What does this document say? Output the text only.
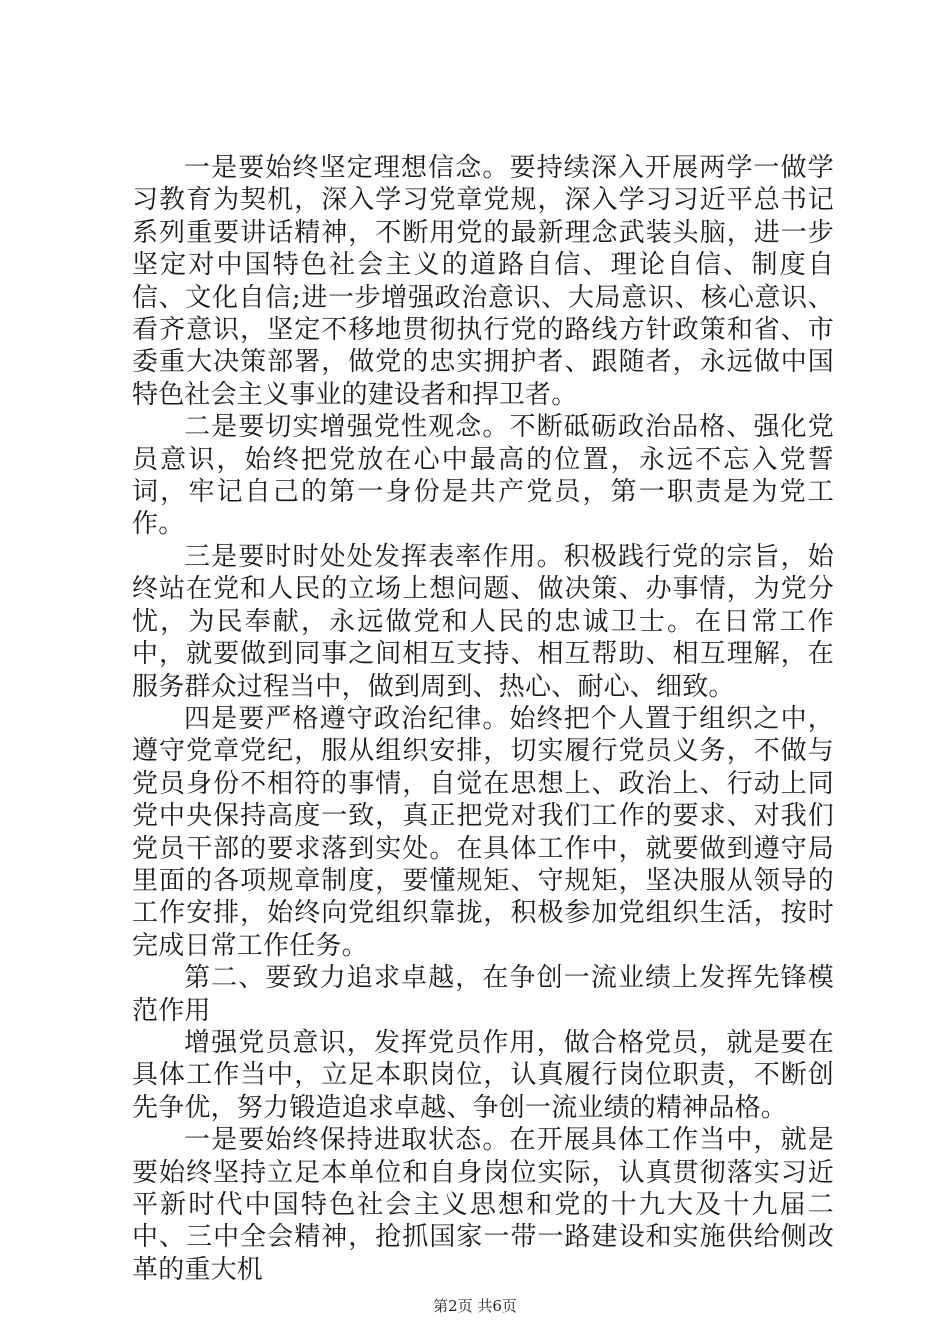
一是要始终坚定理想信念。要持续深入开展两学一做学习教育为契机，深入学习党章党规，深入学习习近平总书记系列重要讲话精神，不断用党的最新理念武装头脑，进一步坚定对中国特色社会主义的道路自信、理论自信、制度自信、文化自信;进一步增强政治意识、大局意识、核心意识、看齐意识，坚定不移地贯彻执行党的路线方针政策和省、市委重大决策部署，做党的忠实拥护者、跟随者，永远做中国特色社会主义事业的建设者和捍卫者。

二是要切实增强党性观念。不断砥砺政治品格、强化党员意识，始终把党放在心中最高的位置，永远不忘入党誓词，牢记自己的第一身份是共产党员，第一职责是为党工作。

三是要时时处处发挥表率作用。积极践行党的宗旨，始终站在党和人民的立场上想问题、做决策、办事情，为党分忧，为民奉献，永远做党和人民的忠诚卫士。在日常工作中，就要做到同事之间相互支持、相互帮助、相互理解，在服务群众过程当中，做到周到、热心、耐心、细致。

四是要严格遵守政治纪律。始终把个人置于组织之中，遵守党章党纪，服从组织安排，切实履行党员义务，不做与党员身份不相符的事情，自觉在思想上、政治上、行动上同党中央保持高度一致，真正把党对我们工作的要求、对我们党员干部的要求落到实处。在具体工作中，就要做到遵守局里面的各项规章制度，要懂规矩、守规矩，坚决服从领导的工作安排，始终向党组织靠拢，积极参加党组织生活，按时完成日常工作任务。

第二、要致力追求卓越，在争创一流业绩上发挥先锋模范作用

增强党员意识，发挥党员作用，做合格党员，就是要在具体工作当中，立足本职岗位，认真履行岗位职责，不断创先争优，努力锻造追求卓越、争创一流业绩的精神品格。

一是要始终保持进取状态。在开展具体工作当中，就是要始终坚持立足本单位和自身岗位实际，认真贯彻落实习近平新时代中国特色社会主义思想和党的十九大及十九届二中、三中全会精神，抢抓国家一带一路建设和实施供给侧改革的重大机

第2页 共6页
